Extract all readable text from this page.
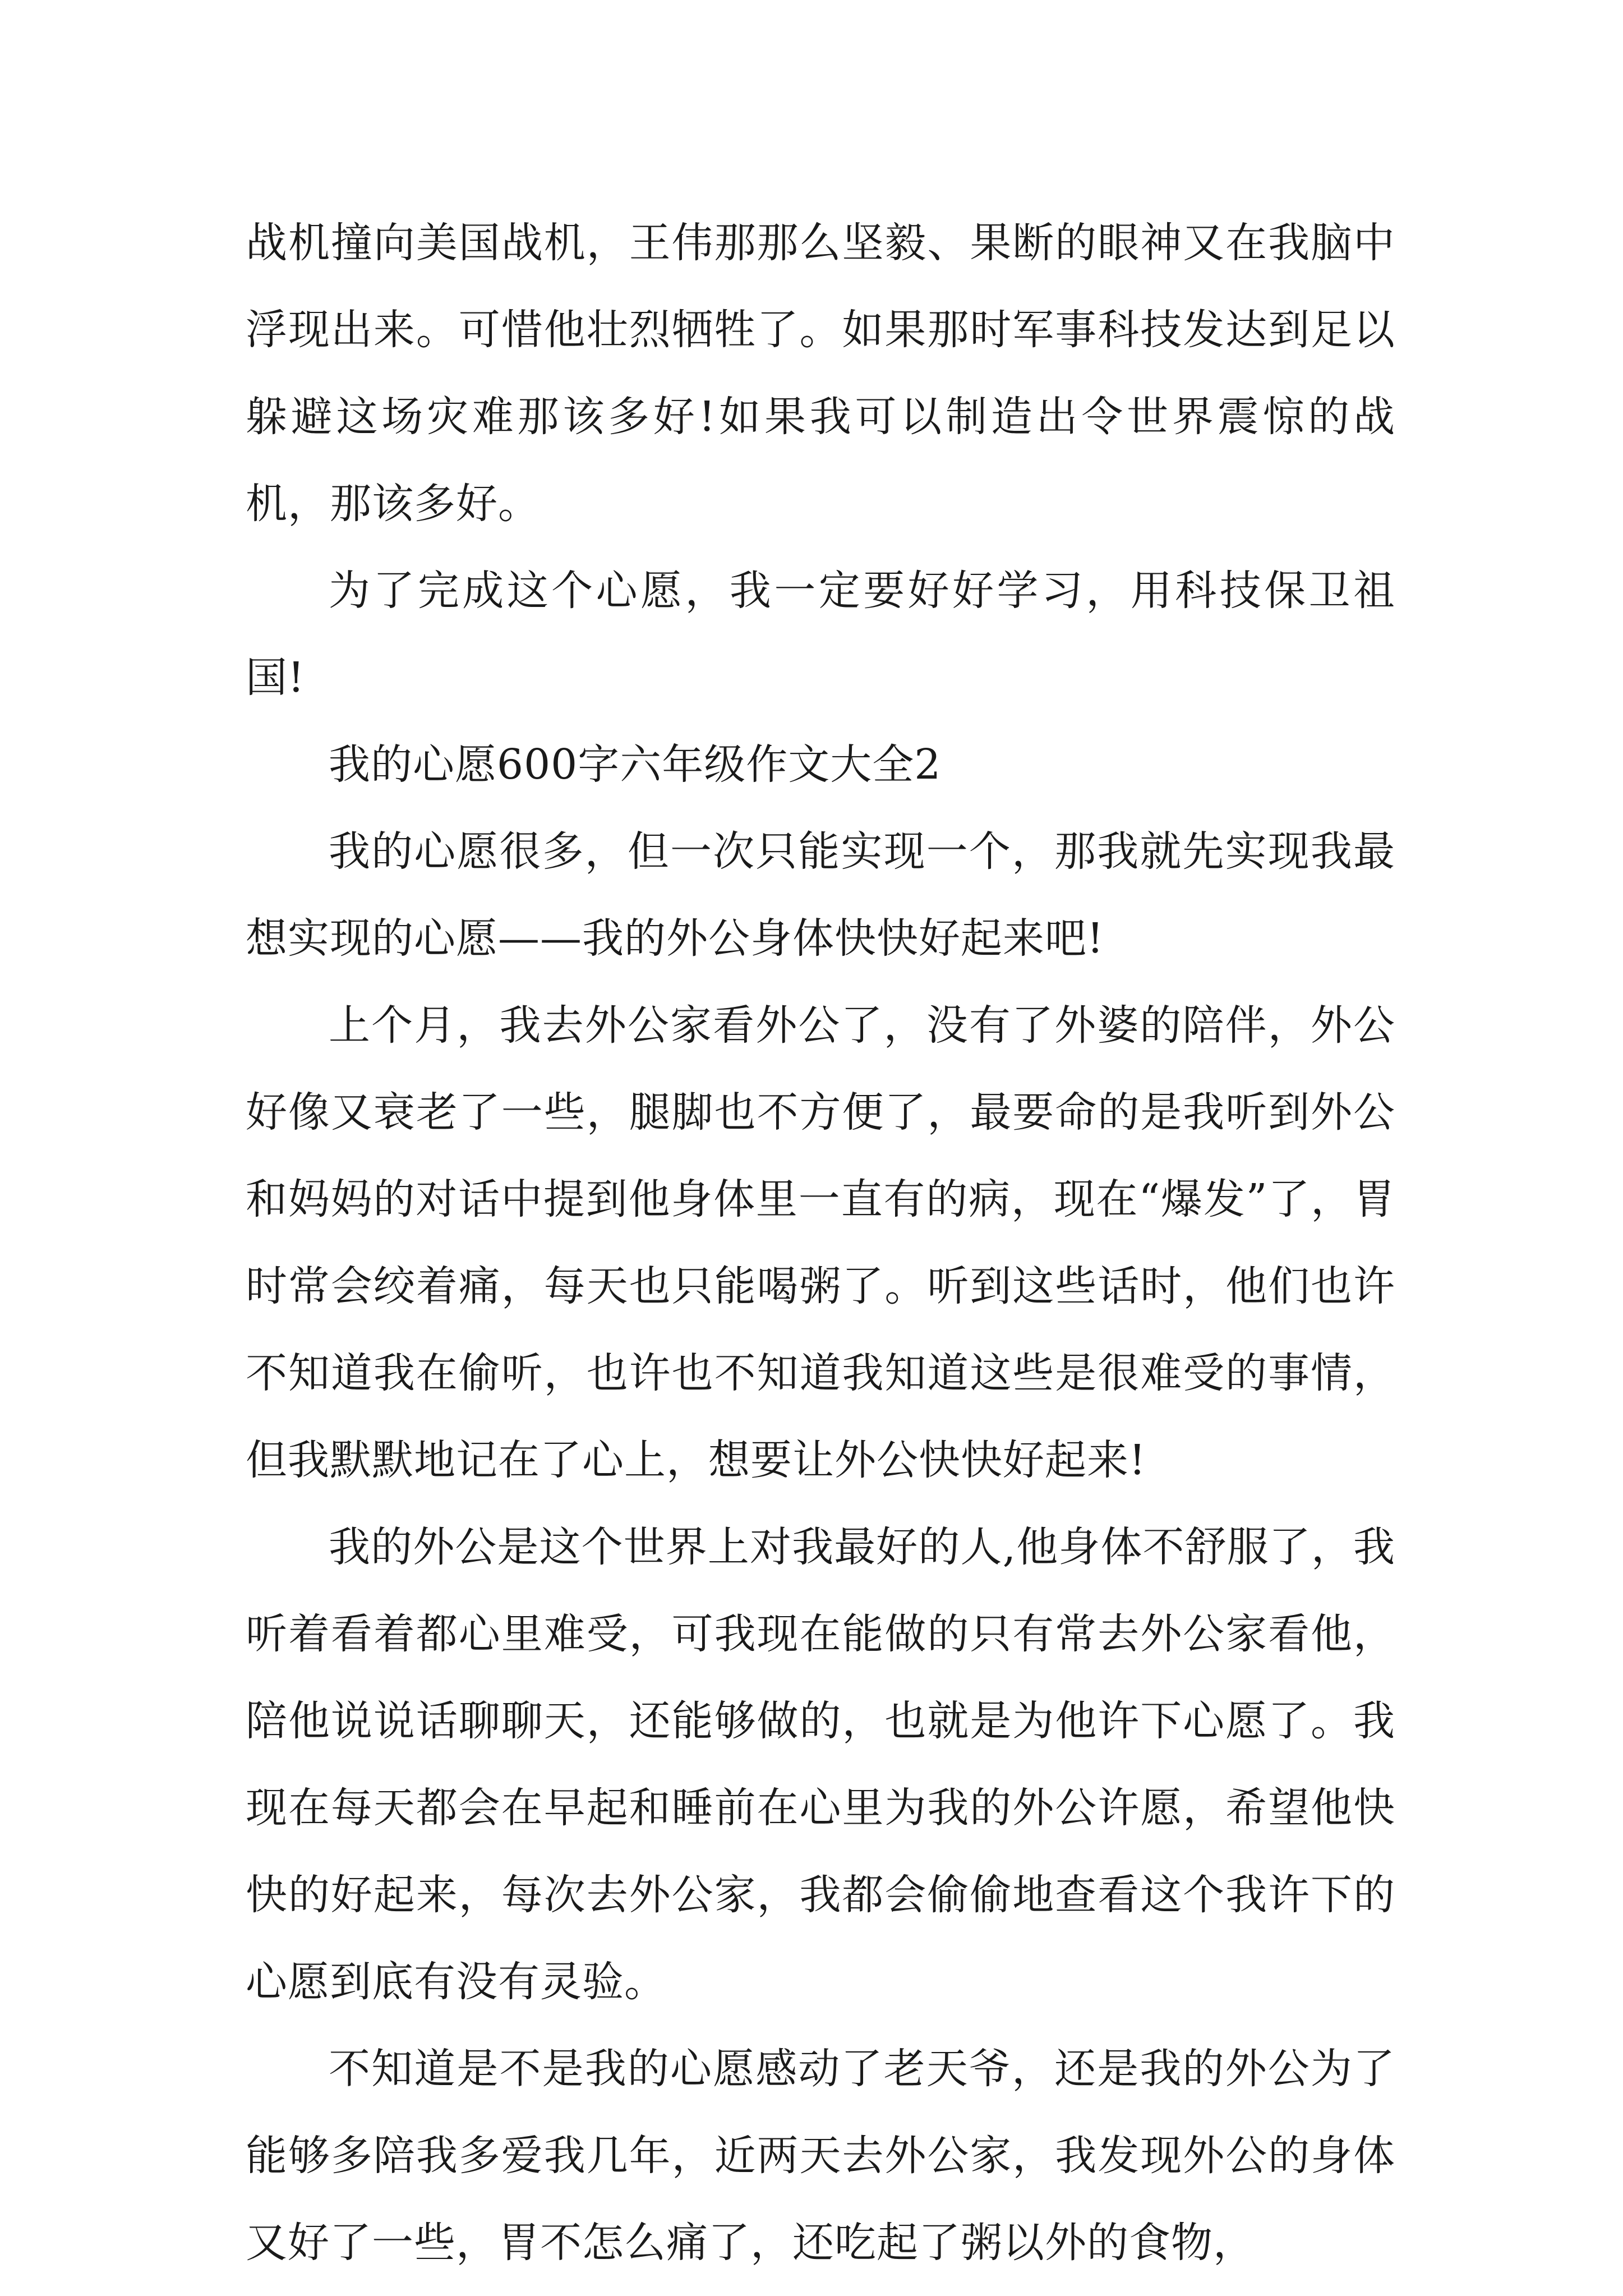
战机撞向美国战机，王伟那那么坚毅、果断的眼神又在我脑中浮现出来。可惜他壮烈牺牲了。如果那时军事科技发达到足以躲避这场灾难那该多好!如果我可以制造出令世界震惊的战机，那该多好。

为了完成这个心愿，我一定要好好学习，用科技保卫祖国!

我的心愿600字六年级作文大全2

我的心愿很多，但一次只能实现一个，那我就先实现我最想实现的心愿——我的外公身体快快好起来吧!

上个月，我去外公家看外公了，没有了外婆的陪伴，外公好像又衰老了一些，腿脚也不方便了，最要命的是我听到外公和妈妈的对话中提到他身体里一直有的病，现在“爆发”了，胃时常会绞着痛，每天也只能喝粥了。听到这些话时，他们也许不知道我在偷听，也许也不知道我知道这些是很难受的事情，但我默默地记在了心上，想要让外公快快好起来!

我的外公是这个世界上对我最好的人,他身体不舒服了，我听着看着都心里难受，可我现在能做的只有常去外公家看他，陪他说说话聊聊天，还能够做的，也就是为他许下心愿了。我现在每天都会在早起和睡前在心里为我的外公许愿，希望他快快的好起来，每次去外公家，我都会偷偷地查看这个我许下的心愿到底有没有灵验。

不知道是不是我的心愿感动了老天爷，还是我的外公为了能够多陪我多爱我几年，近两天去外公家，我发现外公的身体又好了一些，胃不怎么痛了，还吃起了粥以外的食物，
